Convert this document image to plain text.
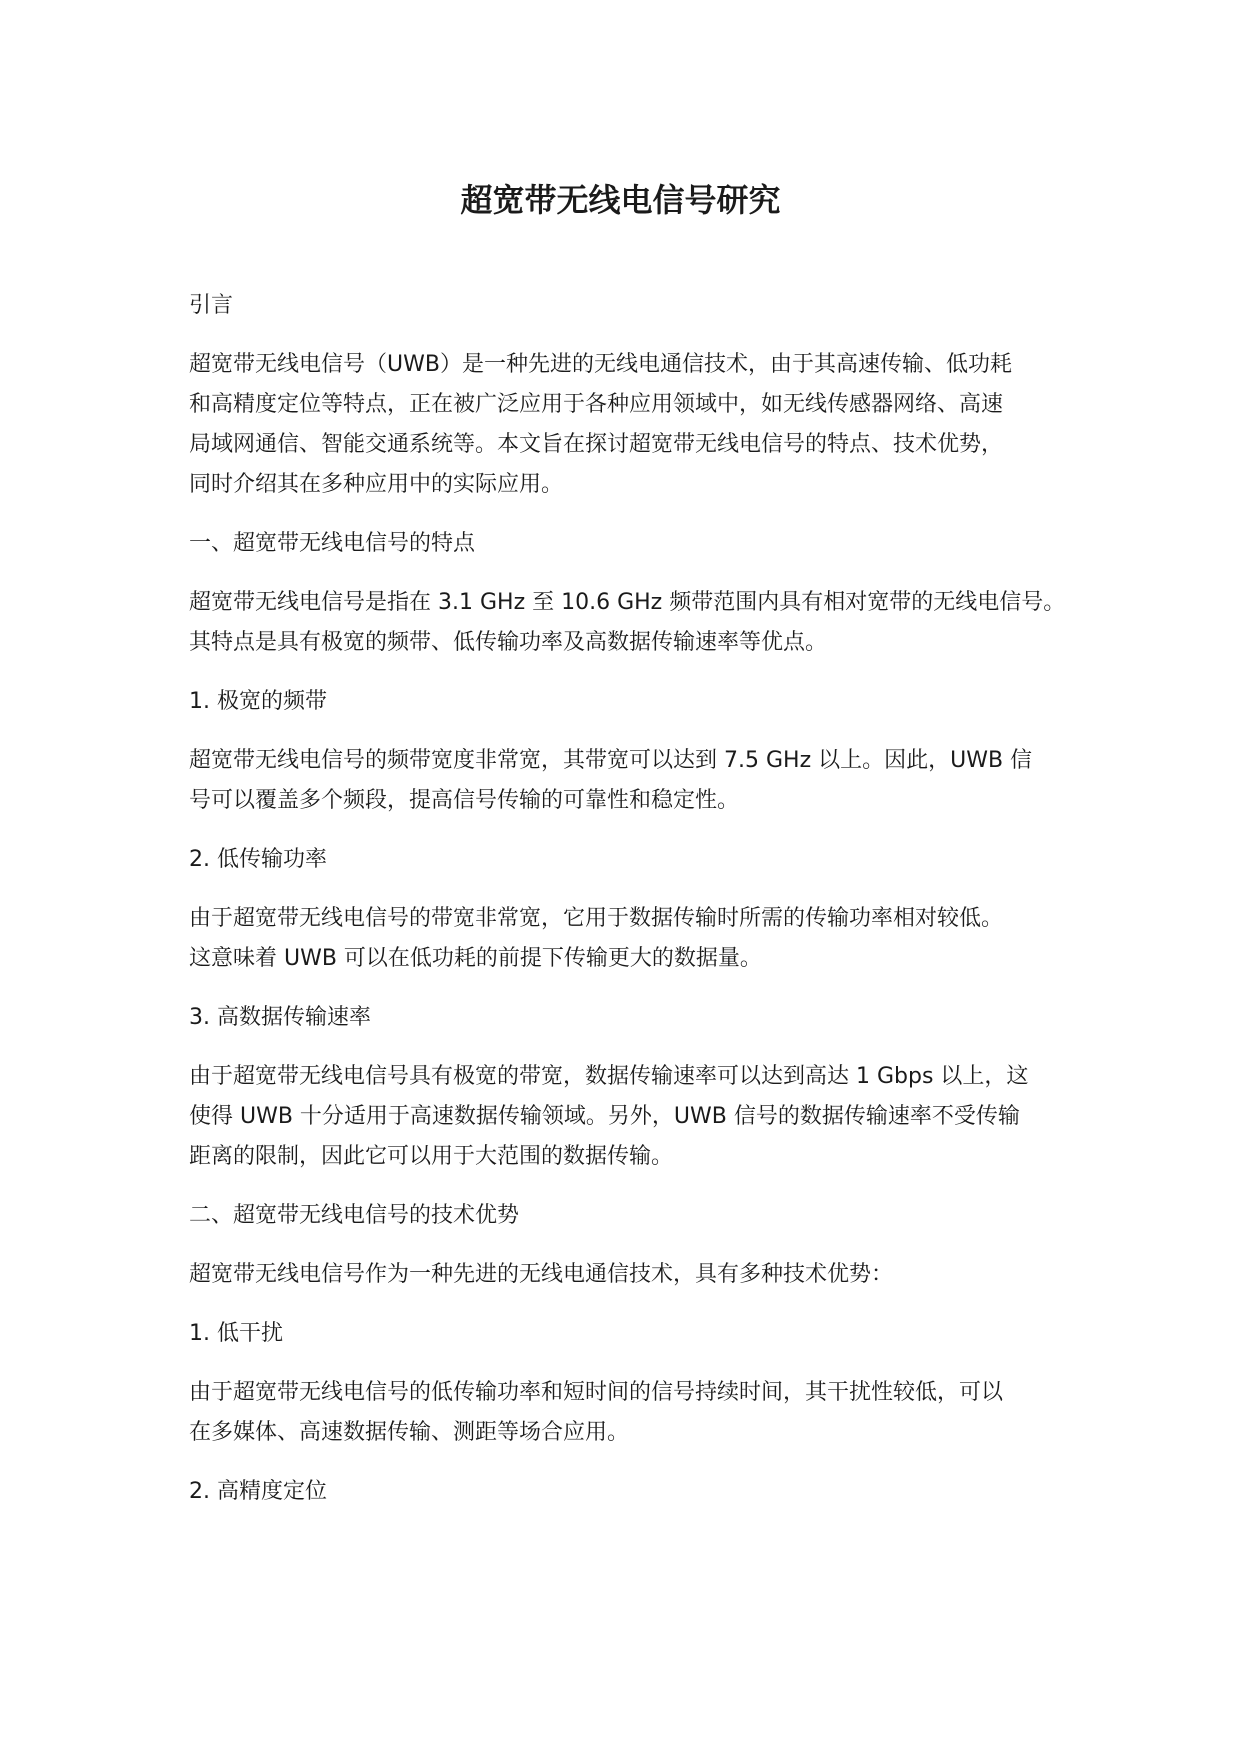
超宽带无线电信号研究

引言

超宽带无线电信号（UWB）是一种先进的无线电通信技术，由于其高速传输、低功耗
和高精度定位等特点，正在被广泛应用于各种应用领域中，如无线传感器网络、高速
局域网通信、智能交通系统等。本文旨在探讨超宽带无线电信号的特点、技术优势，
同时介绍其在多种应用中的实际应用。

一、超宽带无线电信号的特点

超宽带无线电信号是指在 3.1 GHz 至 10.6 GHz 频带范围内具有相对宽带的无线电信号。
其特点是具有极宽的频带、低传输功率及高数据传输速率等优点。

1. 极宽的频带

超宽带无线电信号的频带宽度非常宽，其带宽可以达到 7.5 GHz 以上。因此，UWB 信
号可以覆盖多个频段，提高信号传输的可靠性和稳定性。

2. 低传输功率

由于超宽带无线电信号的带宽非常宽，它用于数据传输时所需的传输功率相对较低。
这意味着 UWB 可以在低功耗的前提下传输更大的数据量。

3. 高数据传输速率

由于超宽带无线电信号具有极宽的带宽，数据传输速率可以达到高达 1 Gbps 以上，这
使得 UWB 十分适用于高速数据传输领域。另外，UWB 信号的数据传输速率不受传输
距离的限制，因此它可以用于大范围的数据传输。

二、超宽带无线电信号的技术优势

超宽带无线电信号作为一种先进的无线电通信技术，具有多种技术优势：

1. 低干扰

由于超宽带无线电信号的低传输功率和短时间的信号持续时间，其干扰性较低，可以
在多媒体、高速数据传输、测距等场合应用。

2. 高精度定位
